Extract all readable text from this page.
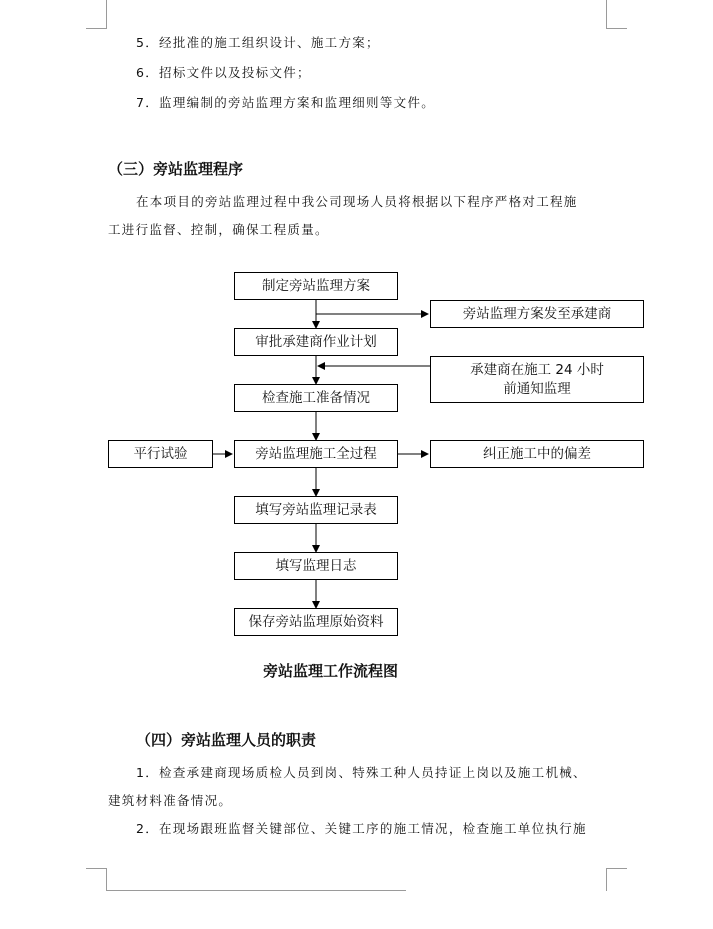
5．经批准的施工组织设计、施工方案；
6．招标文件以及投标文件；
7．监理编制的旁站监理方案和监理细则等文件。
（三）旁站监理程序
在本项目的旁站监理过程中我公司现场人员将根据以下程序严格对工程施
工进行监督、控制，确保工程质量。
制定旁站监理方案
审批承建商作业计划
检查施工准备情况
旁站监理施工全过程
填写旁站监理记录表
填写监理日志
保存旁站监理原始资料
旁站监理方案发至承建商
承建商在施工 24 小时
前通知监理
平行试验	纠正施工中的偏差
旁站监理工作流程图
（四）旁站监理人员的职责
1．检查承建商现场质检人员到岗、特殊工种人员持证上岗以及施工机械、
建筑材料准备情况。
2．在现场跟班监督关键部位、关键工序的施工情况，检查施工单位执行施
